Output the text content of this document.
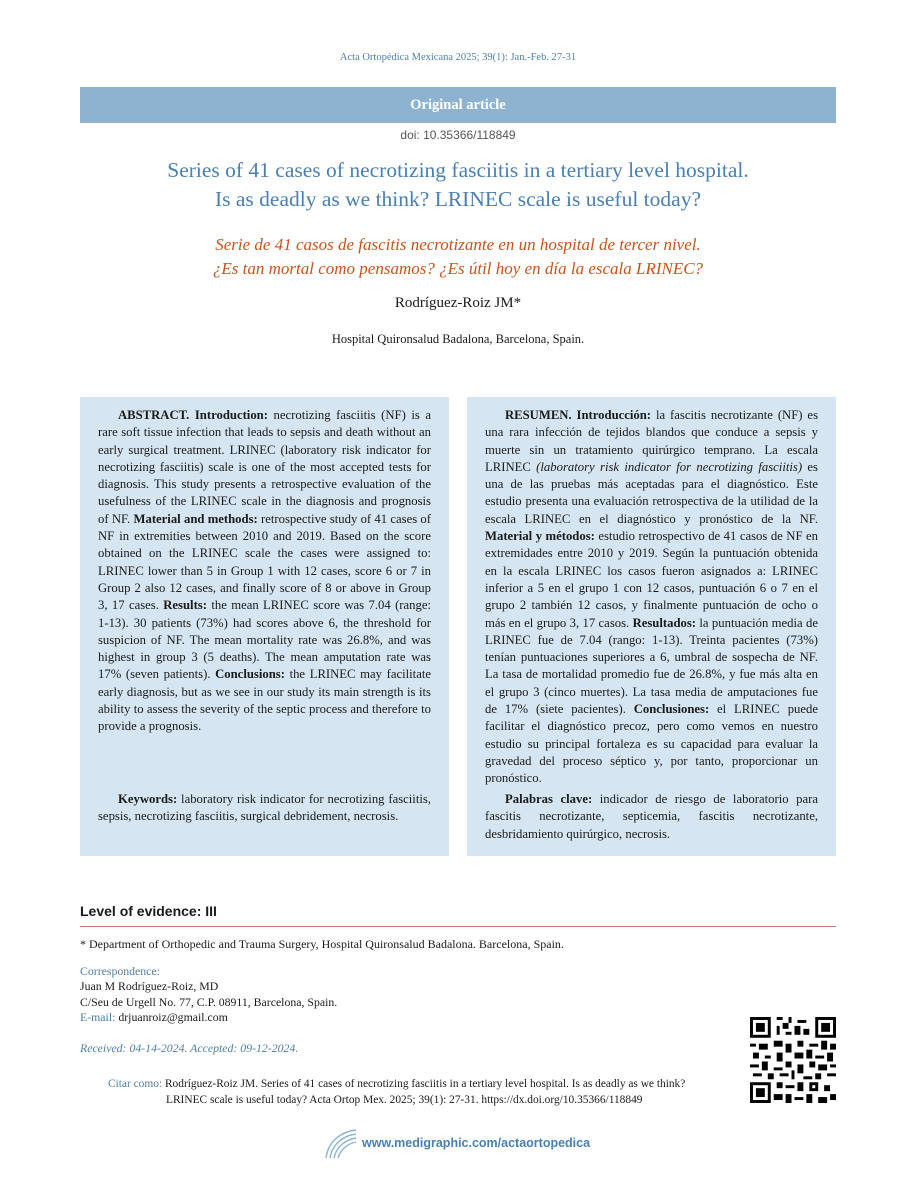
Acta Ortopédica Mexicana 2025; 39(1): Jan.-Feb. 27-31
Original article
doi: 10.35366/118849
Series of 41 cases of necrotizing fasciitis in a tertiary level hospital.
Is as deadly as we think? LRINEC scale is useful today?
Serie de 41 casos de fascitis necrotizante en un hospital de tercer nivel.
¿Es tan mortal como pensamos? ¿Es útil hoy en día la escala LRINEC?
Rodríguez-Roiz JM*
Hospital Quironsalud Badalona, Barcelona, Spain.

ABSTRACT. Introduction: necrotizing fasciitis (NF) is a rare soft tissue infection that leads to sepsis and death without an early surgical treatment. LRINEC (laboratory risk indicator for necrotizing fasciitis) scale is one of the most accepted tests for diagnosis. This study presents a retrospective evaluation of the usefulness of the LRINEC scale in the diagnosis and prognosis of NF. Material and methods: retrospective study of 41 cases of NF in extremities between 2010 and 2019. Based on the score obtained on the LRINEC scale the cases were assigned to: LRINEC lower than 5 in Group 1 with 12 cases, score 6 or 7 in Group 2 also 12 cases, and finally score of 8 or above in Group 3, 17 cases. Results: the mean LRINEC score was 7.04 (range: 1-13). 30 patients (73%) had scores above 6, the threshold for suspicion of NF. The mean mortality rate was 26.8%, and was highest in group 3 (5 deaths). The mean amputation rate was 17% (seven patients). Conclusions: the LRINEC may facilitate early diagnosis, but as we see in our study its main strength is its ability to assess the severity of the septic process and therefore to provide a prognosis.

Keywords: laboratory risk indicator for necrotizing fasciitis, sepsis, necrotizing fasciitis, surgical debridement, necrosis.

RESUMEN. Introducción: la fascitis necrotizante (NF) es una rara infección de tejidos blandos que conduce a sepsis y muerte sin un tratamiento quirúrgico temprano. La escala LRINEC (laboratory risk indicator for necrotizing fasciitis) es una de las pruebas más aceptadas para el diagnóstico. Este estudio presenta una evaluación retrospectiva de la utilidad de la escala LRINEC en el diagnóstico y pronóstico de la NF. Material y métodos: estudio retrospectivo de 41 casos de NF en extremidades entre 2010 y 2019. Según la puntuación obtenida en la escala LRINEC los casos fueron asignados a: LRINEC inferior a 5 en el grupo 1 con 12 casos, puntuación 6 o 7 en el grupo 2 también 12 casos, y finalmente puntuación de ocho o más en el grupo 3, 17 casos. Resultados: la puntuación media de LRINEC fue de 7.04 (rango: 1-13). Treinta pacientes (73%) tenían puntuaciones superiores a 6, umbral de sospecha de NF. La tasa de mortalidad promedio fue de 26.8%, y fue más alta en el grupo 3 (cinco muertes). La tasa media de amputaciones fue de 17% (siete pacientes). Conclusiones: el LRINEC puede facilitar el diagnóstico precoz, pero como vemos en nuestro estudio su principal fortaleza es su capacidad para evaluar la gravedad del proceso séptico y, por tanto, proporcionar un pronóstico.

Palabras clave: indicador de riesgo de laboratorio para fascitis necrotizante, septicemia, fascitis necrotizante, desbridamiento quirúrgico, necrosis.

Level of evidence: III
* Department of Orthopedic and Trauma Surgery, Hospital Quironsalud Badalona. Barcelona, Spain.
Correspondence:
Juan M Rodríguez-Roiz, MD
C/Seu de Urgell No. 77, C.P. 08911, Barcelona, Spain.
E-mail: drjuanroiz@gmail.com
Received: 04-14-2024. Accepted: 09-12-2024.
Citar como: Rodríguez-Roiz JM. Series of 41 cases of necrotizing fasciitis in a tertiary level hospital. Is as deadly as we think?
LRINEC scale is useful today? Acta Ortop Mex. 2025; 39(1): 27-31. https://dx.doi.org/10.35366/118849
www.medigraphic.com/actaortopedica
